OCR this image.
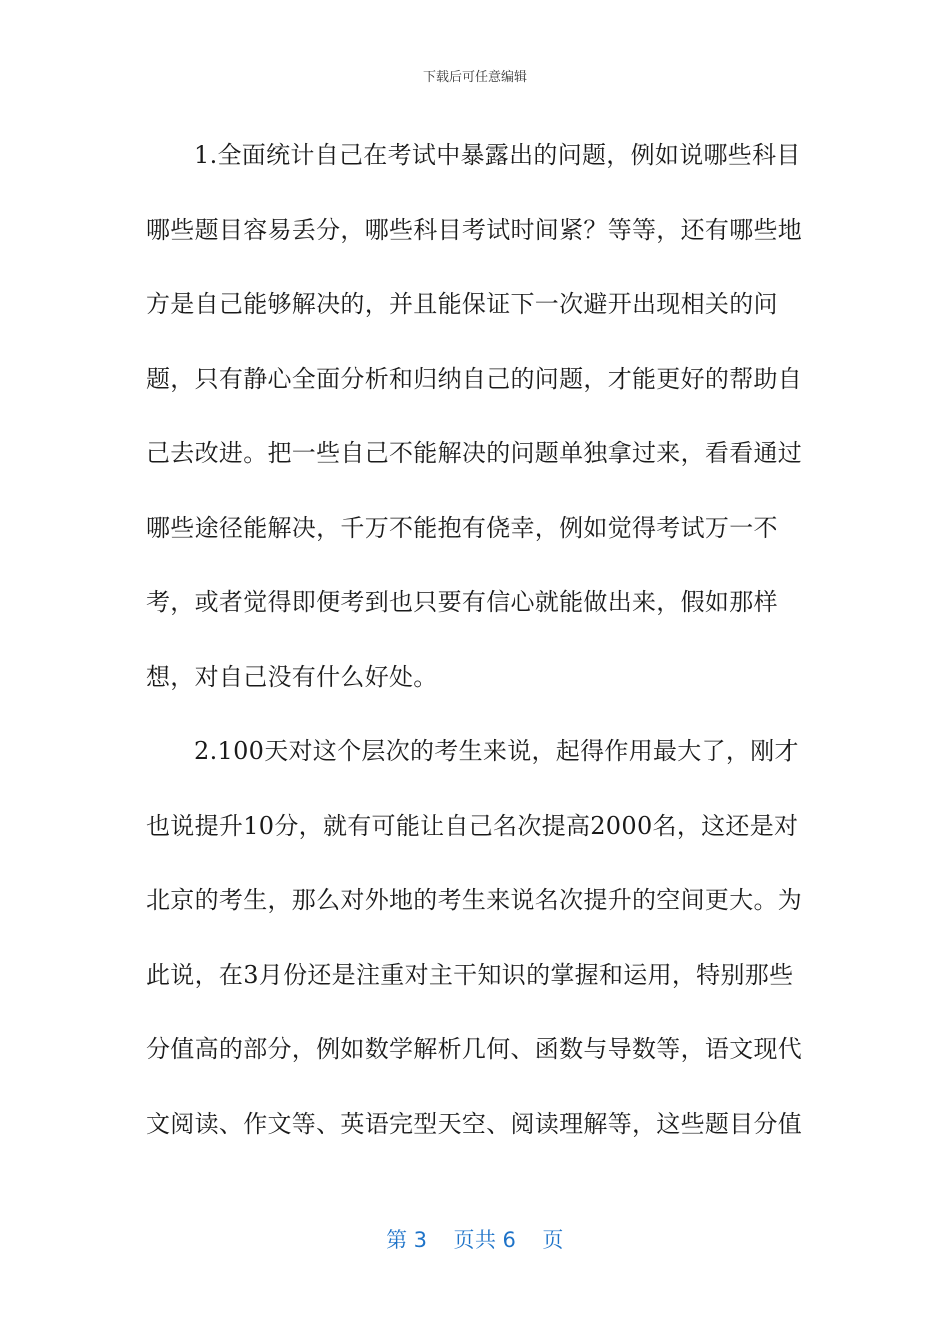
下载后可任意编辑

1.全面统计自己在考试中暴露出的问题，例如说哪些科目哪些题目容易丢分，哪些科目考试时间紧？等等，还有哪些地方是自己能够解决的，并且能保证下一次避开出现相关的问题，只有静心全面分析和归纳自己的问题，才能更好的帮助自己去改进。把一些自己不能解决的问题单独拿过来，看看通过哪些途径能解决，千万不能抱有侥幸，例如觉得考试万一不考，或者觉得即便考到也只要有信心就能做出来，假如那样想，对自己没有什么好处。

2.100天对这个层次的考生来说，起得作用最大了，刚才也说提升10分，就有可能让自己名次提高2000名，这还是对北京的考生，那么对外地的考生来说名次提升的空间更大。为此说，在3月份还是注重对主干知识的掌握和运用，特别那些分值高的部分，例如数学解析几何、函数与导数等，语文现代文阅读、作文等、英语完型天空、阅读理解等，这些题目分值

第 3 页共 6 页
